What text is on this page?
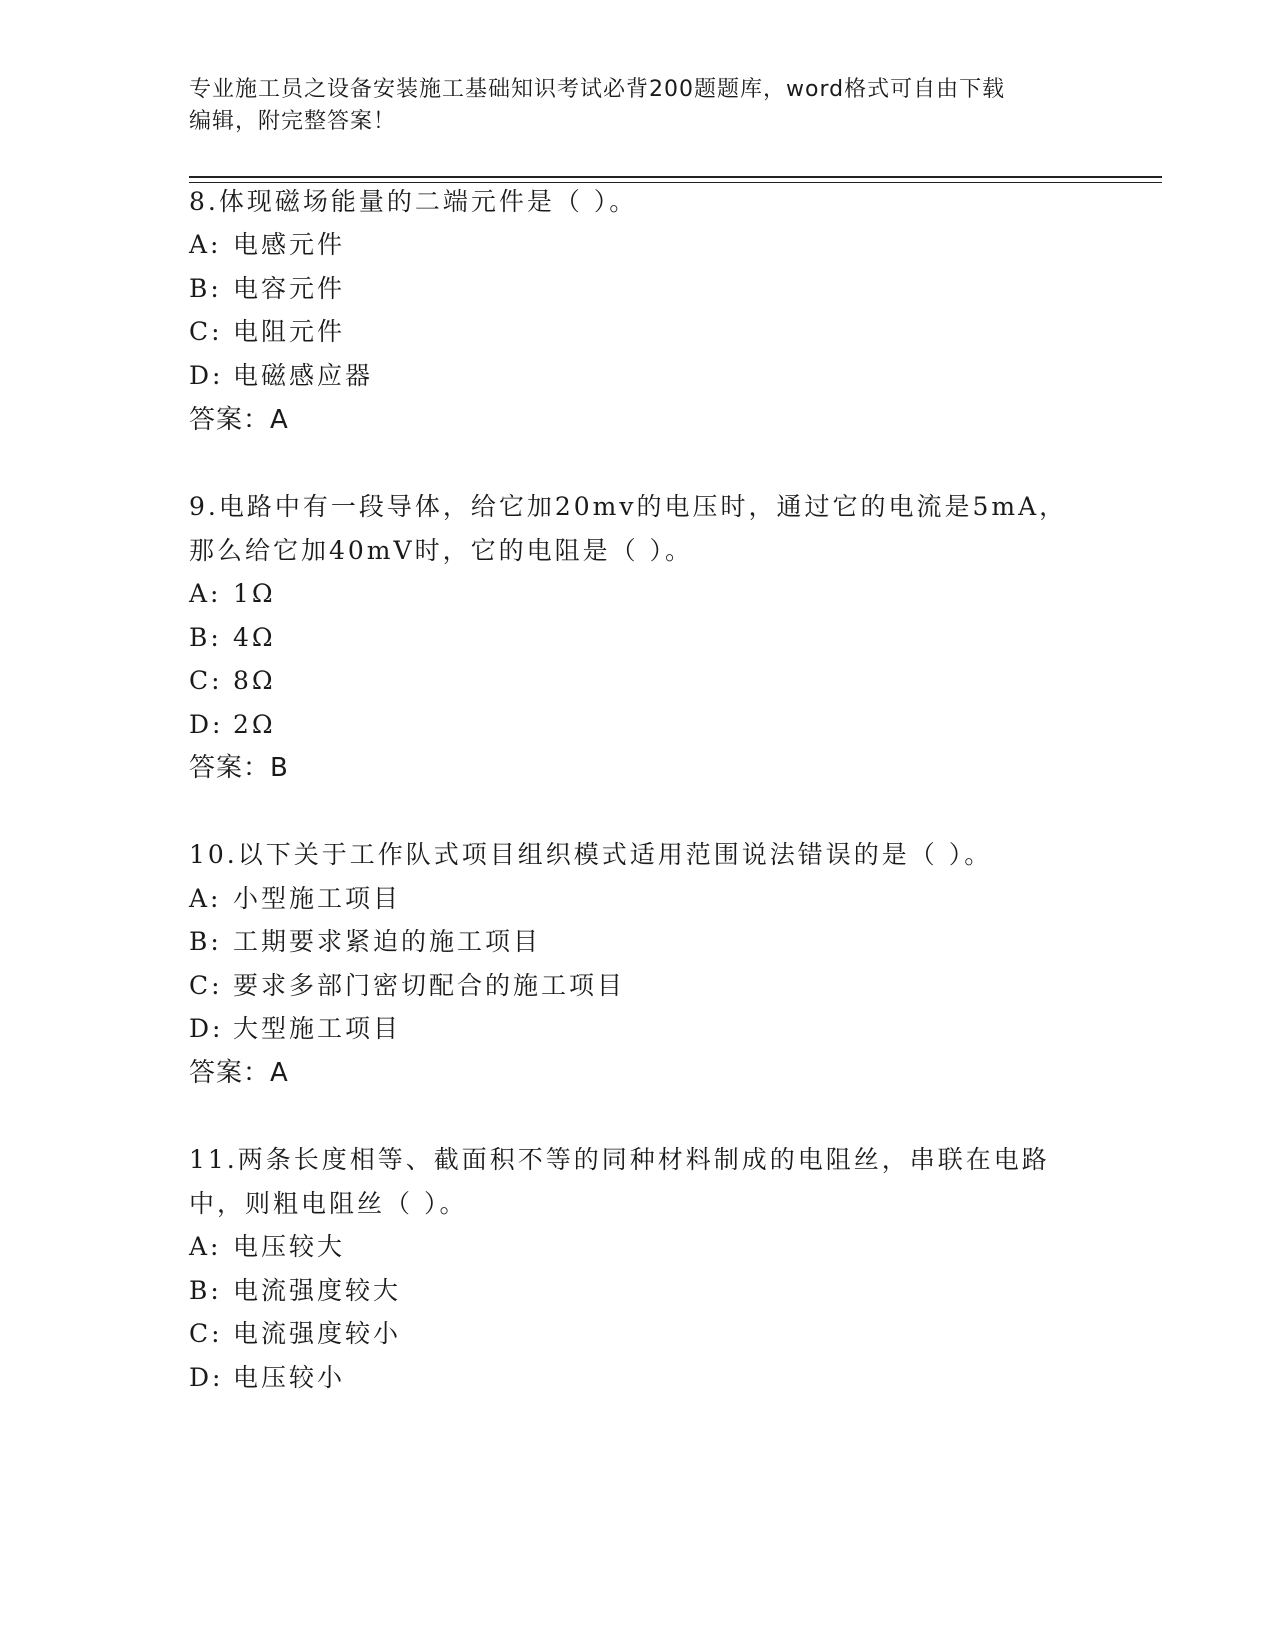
专业施工员之设备安装施工基础知识考试必背200题题库，word格式可自由下载
编辑，附完整答案！
8.体现磁场能量的二端元件是（ ）。
A: 电感元件
B: 电容元件
C: 电阻元件
D: 电磁感应器
答案：A
9.电路中有一段导体，给它加20mv的电压时，通过它的电流是5mA，
那么给它加40mV时，它的电阻是（ ）。
A: 1Ω
B: 4Ω
C: 8Ω
D: 2Ω
答案：B
10.以下关于工作队式项目组织模式适用范围说法错误的是（ ）。
A: 小型施工项目
B: 工期要求紧迫的施工项目
C: 要求多部门密切配合的施工项目
D: 大型施工项目
答案：A
11.两条长度相等、截面积不等的同种材料制成的电阻丝，串联在电路
中，则粗电阻丝（ ）。
A: 电压较大
B: 电流强度较大
C: 电流强度较小
D: 电压较小
